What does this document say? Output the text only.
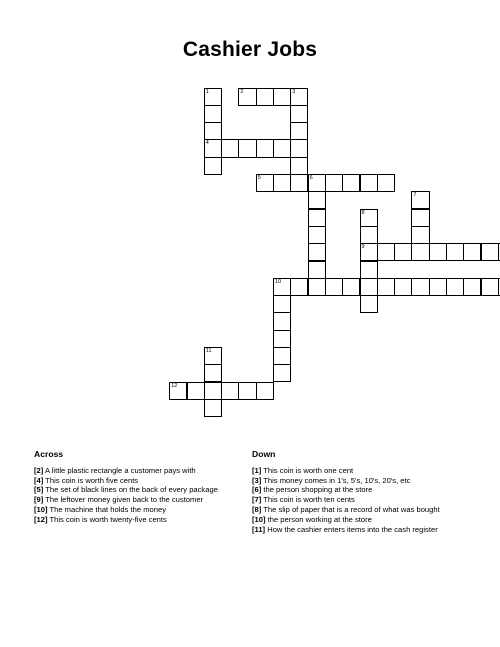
Cashier Jobs
1
4
2	3
5	6
7
8
9
10
11
12
Across
[2] A little plastic rectangle a customer pays with
[4] This coin is worth five cents
[5] The set of black lines on the back of every package
[9] The leftover money given back to the customer
[10] The machine that holds the money
[12] This coin is worth twenty-five cents
Down
[1] This coin is worth one cent
[3] This money comes in 1's, 5's, 10's, 20's, etc
[6] the person shopping at the store
[7] This coin is worth ten cents
[8] The slip of paper that is a record of what was bought
[10] the person working at the store
[11] How the cashier enters items into the cash register
